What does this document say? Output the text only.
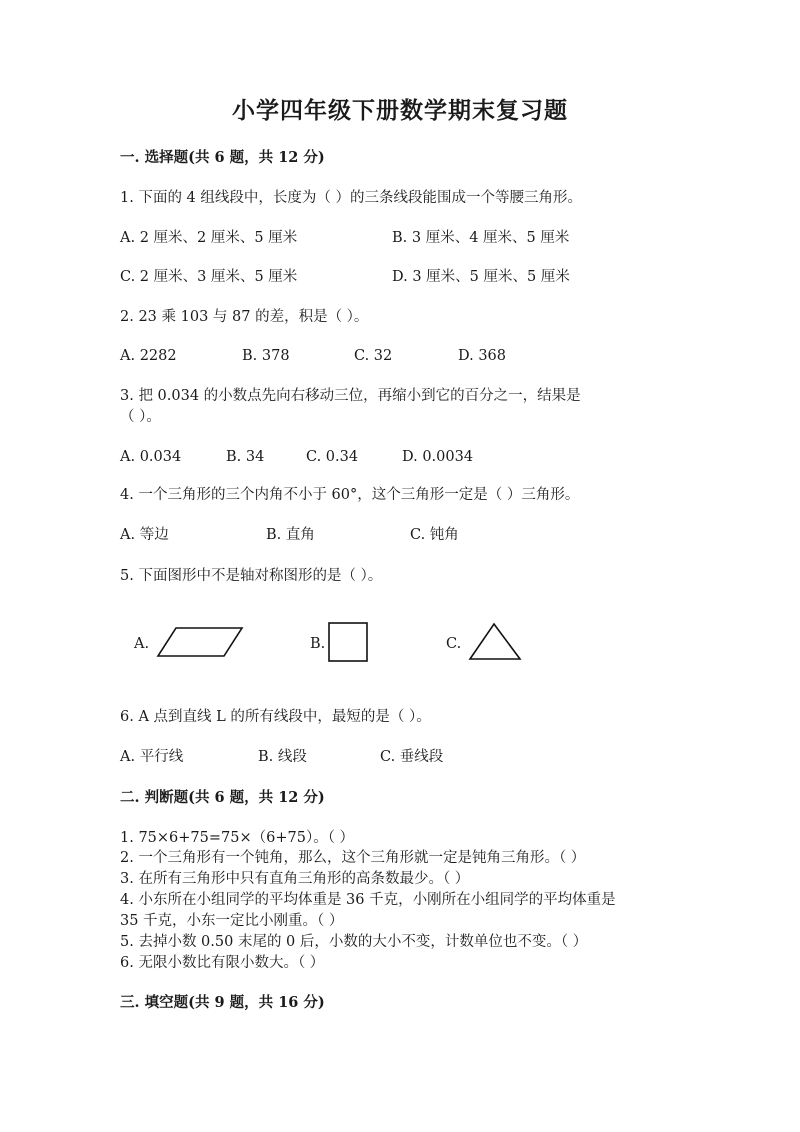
小学四年级下册数学期末复习题
一. 选择题(共 6 题，共 12 分)
1. 下面的 4 组线段中，长度为（ ）的三条线段能围成一个等腰三角形。
A. 2 厘米、2 厘米、5 厘米	B. 3 厘米、4 厘米、5 厘米
C. 2 厘米、3 厘米、5 厘米	D. 3 厘米、5 厘米、5 厘米
2. 23 乘 103 与 87 的差，积是（ ）。
A. 2282	B. 378	C. 32	D. 368
3. 把 0.034 的小数点先向右移动三位，再缩小到它的百分之一，结果是
（ ）。
A. 0.034	B. 34	C. 0.34	D. 0.0034
4. 一个三角形的三个内角不小于 60°，这个三角形一定是（ ）三角形。
A. 等边	B. 直角	C. 钝角
5. 下面图形中不是轴对称图形的是（ ）。
A.	B.	C.
6. A 点到直线 L 的所有线段中，最短的是（ ）。
A. 平行线	B. 线段	C. 垂线段
二. 判断题(共 6 题，共 12 分)
1. 75×6+75=75×（6+75）。（ ）
2. 一个三角形有一个钝角，那么，这个三角形就一定是钝角三角形。（ ）
3. 在所有三角形中只有直角三角形的高条数最少。（ ）
4. 小东所在小组同学的平均体重是 36 千克，小刚所在小组同学的平均体重是
35 千克，小东一定比小刚重。（ ）
5. 去掉小数 0.50 末尾的 0 后，小数的大小不变，计数单位也不变。（ ）
6. 无限小数比有限小数大。（ ）
三. 填空题(共 9 题，共 16 分)
